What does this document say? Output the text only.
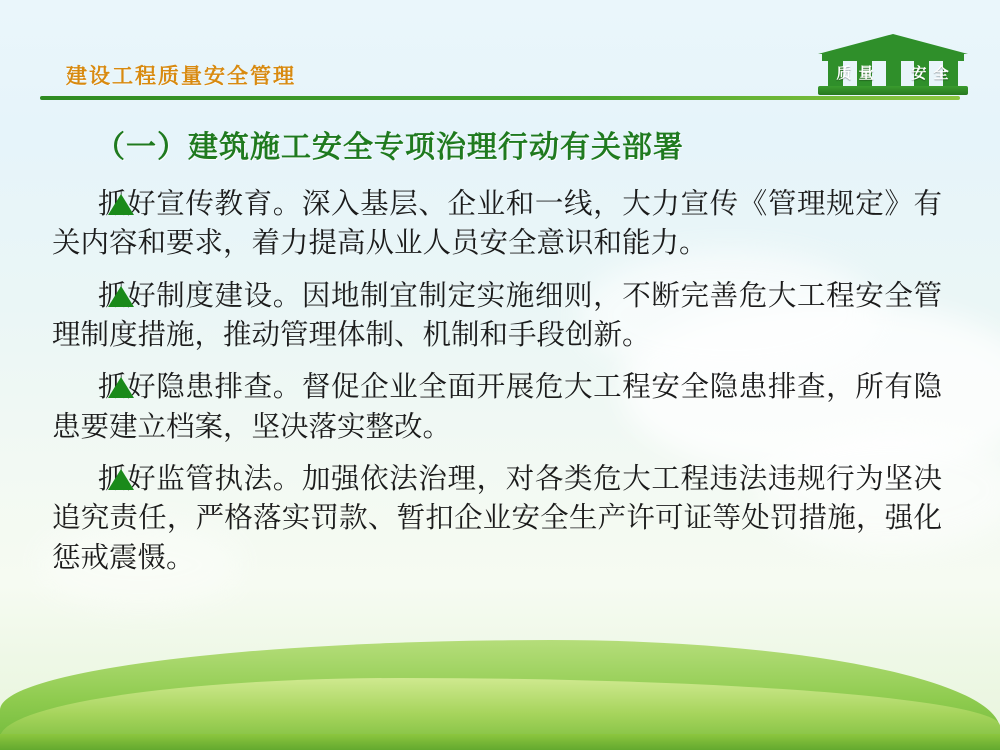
建设工程质量安全管理	质 量 安 全
（一）建筑施工安全专项治理行动有关部署
抓好宣传教育。深入基层、企业和一线，大力宣传《管理规定》有关内容和要求，着力提高从业人员安全意识和能力。
抓好制度建设。因地制宜制定实施细则，不断完善危大工程安全管理制度措施，推动管理体制、机制和手段创新。
抓好隐患排查。督促企业全面开展危大工程安全隐患排查，所有隐患要建立档案，坚决落实整改。
抓好监管执法。加强依法治理，对各类危大工程违法违规行为坚决追究责任，严格落实罚款、暂扣企业安全生产许可证等处罚措施，强化惩戒震慑。
